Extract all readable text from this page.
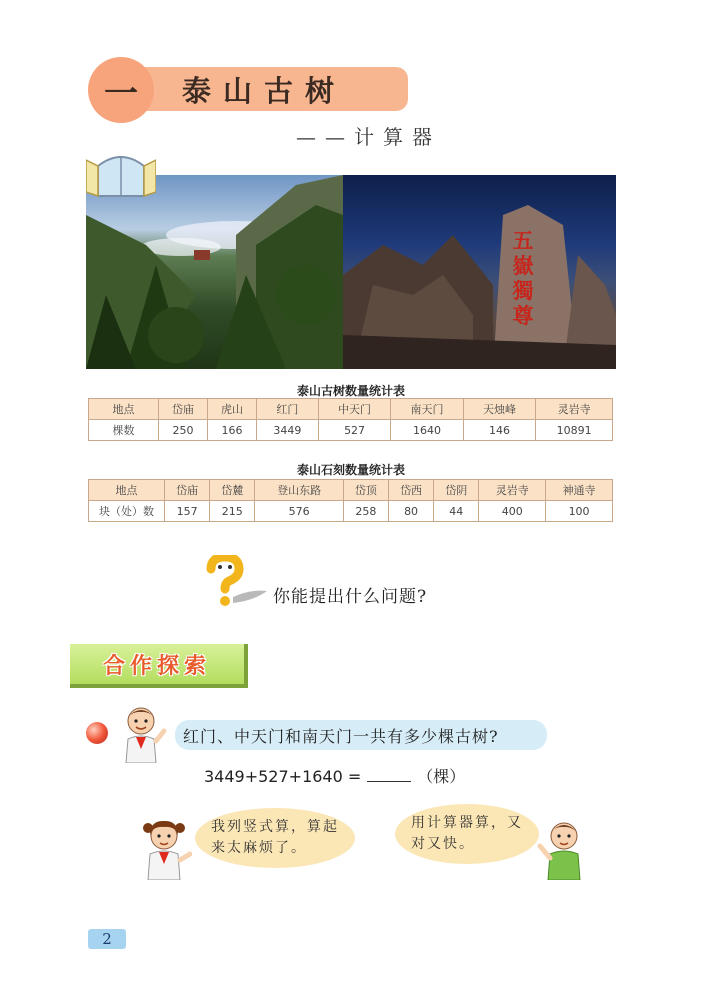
泰山古树
一
——计算器
五嶽獨尊
泰山古树数量统计表
地点	岱庙	虎山	红门	中天门	南天门	天烛峰	灵岩寺
棵数	250	166	3449	527	1640	146	10891
泰山石刻数量统计表
地点	岱庙	岱麓	登山东路	岱顶	岱西	岱阴	灵岩寺	神通寺
块（处）数	157	215	576	258	80	44	400	100
你能提出什么问题?
合作探索
红门、中天门和南天门一共有多少棵古树?
3449+527+1640 =	（棵）
我列竖式算，算起来太麻烦了。
用计算器算，又对又快。
2
